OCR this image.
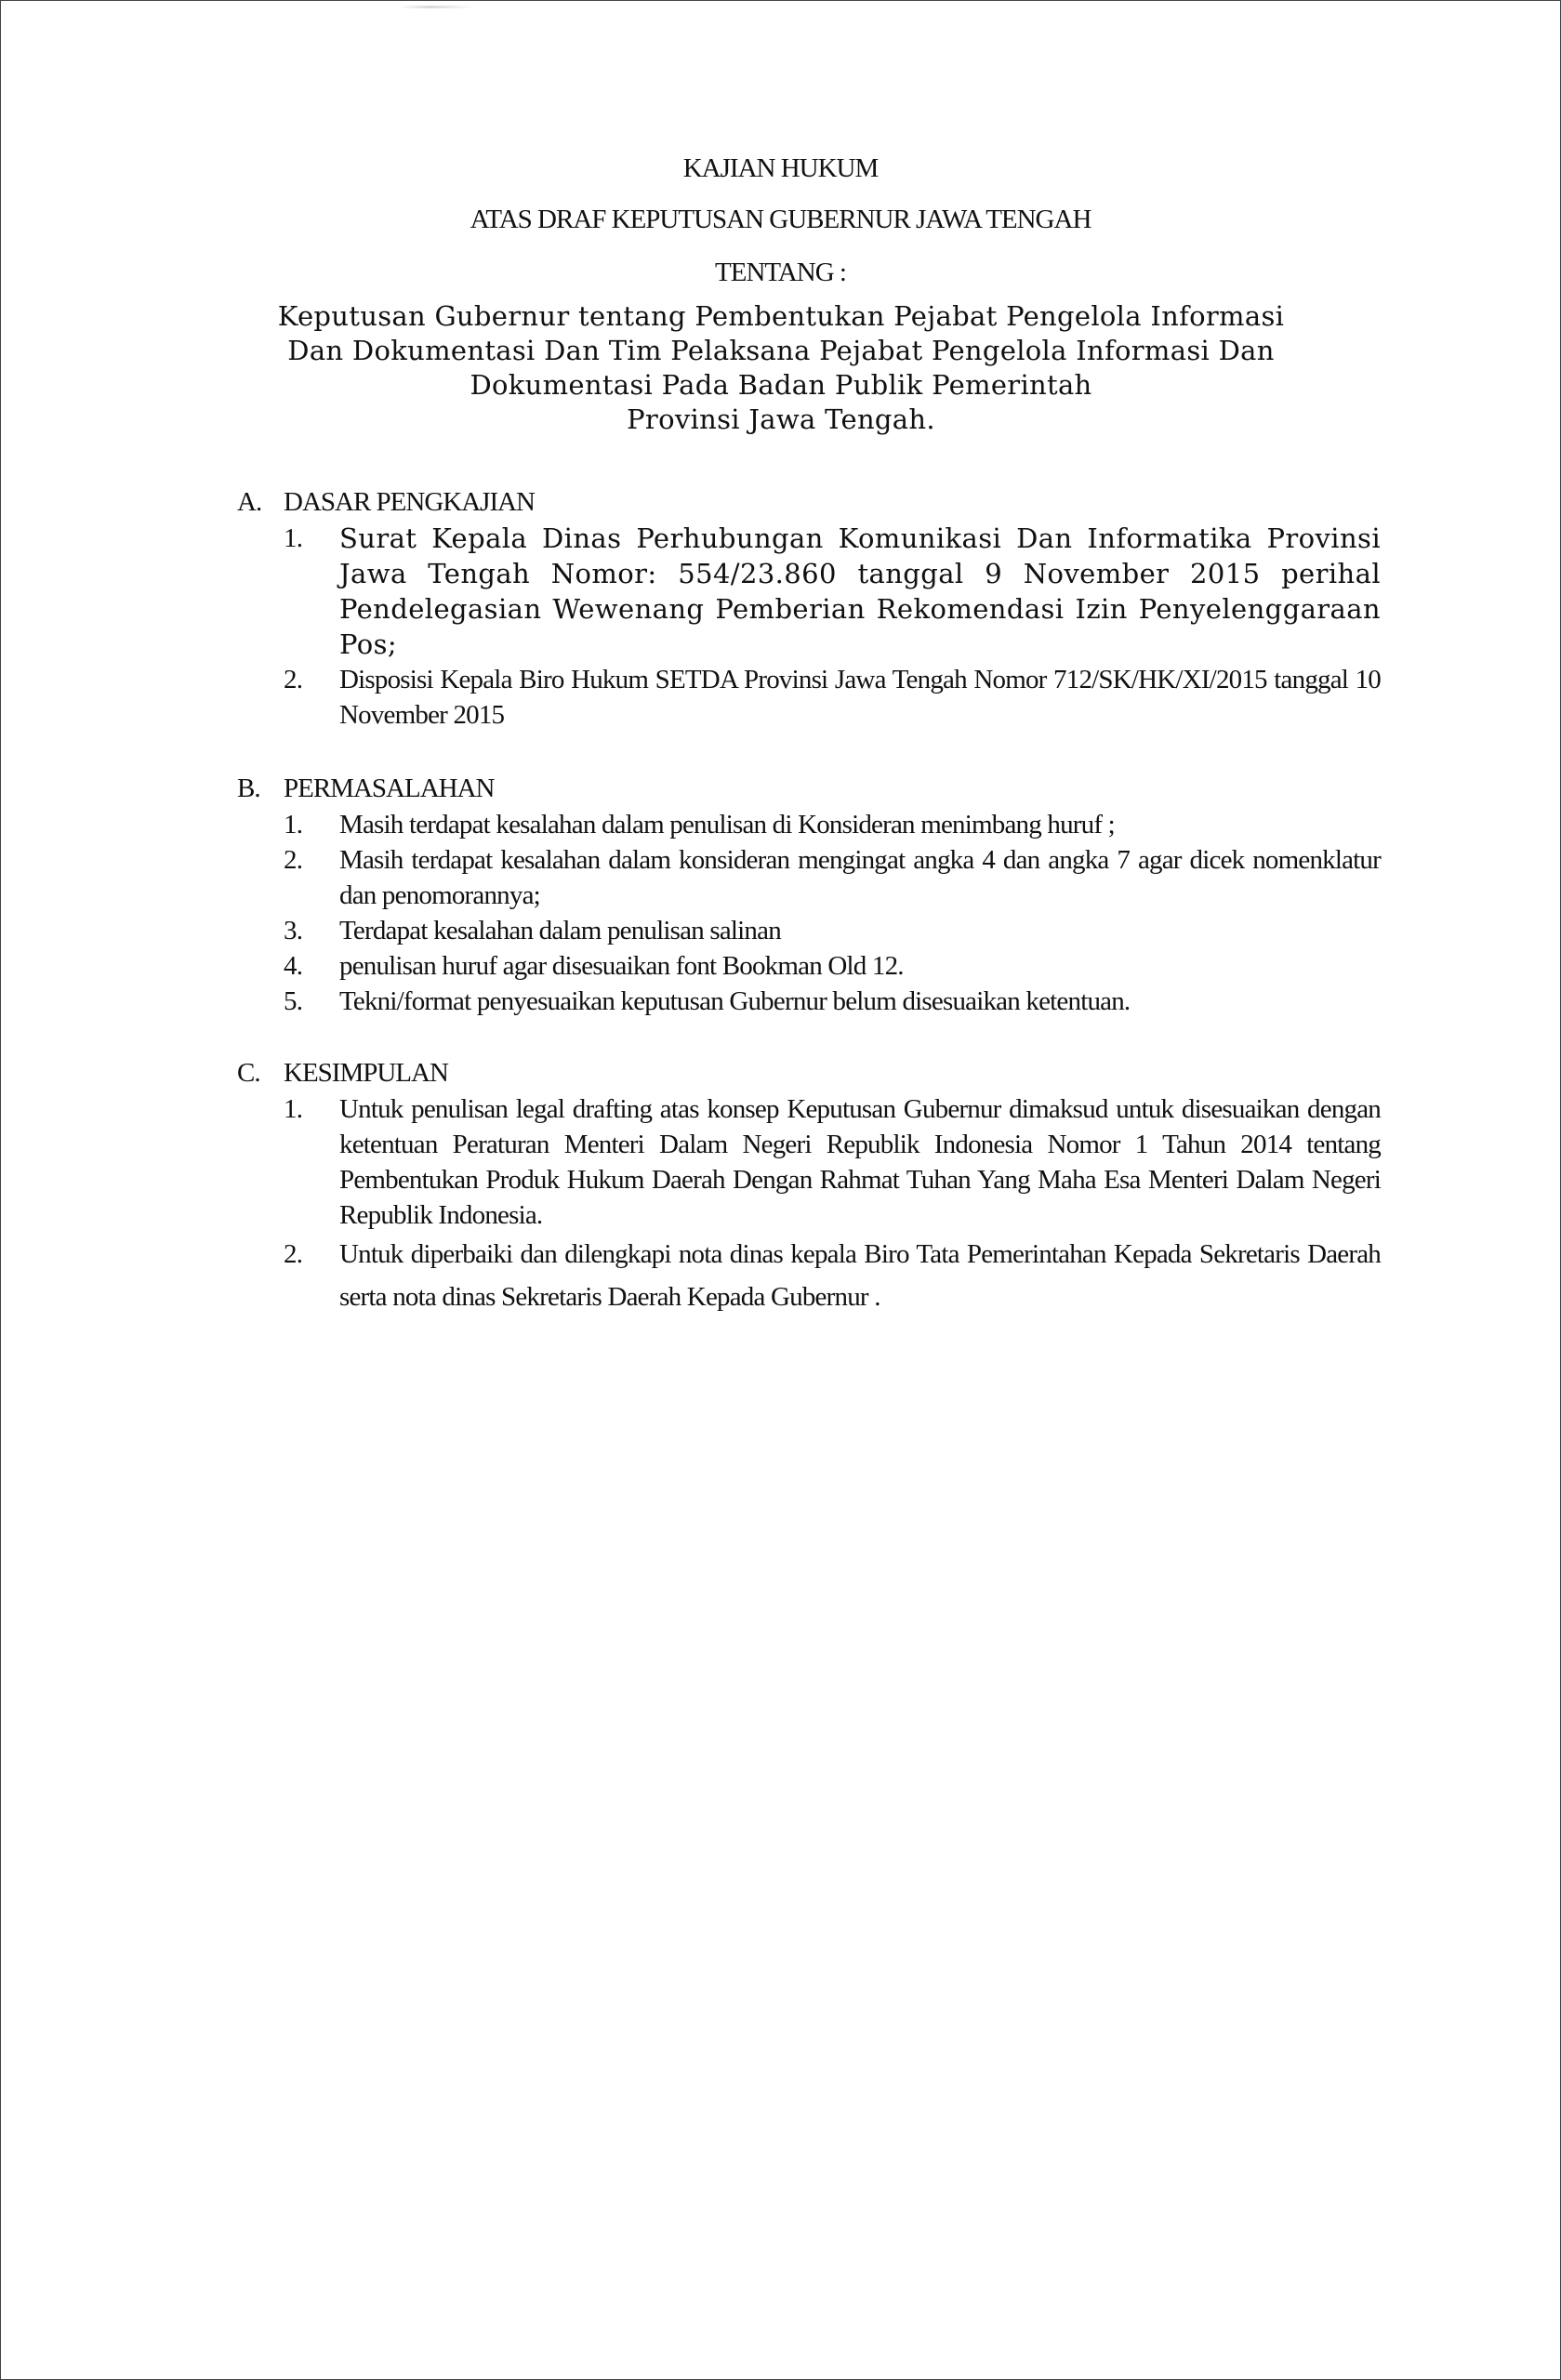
KAJIAN HUKUM
ATAS DRAF KEPUTUSAN GUBERNUR JAWA TENGAH
TENTANG :
Keputusan Gubernur tentang Pembentukan Pejabat Pengelola Informasi
Dan Dokumentasi Dan Tim Pelaksana Pejabat Pengelola Informasi Dan
Dokumentasi Pada Badan Publik Pemerintah
Provinsi Jawa Tengah.
A. DASAR PENGKAJIAN
1.	Surat Kepala Dinas Perhubungan Komunikasi Dan Informatika Provinsi Jawa Tengah Nomor: 554/23.860 tanggal 9 November 2015 perihal Pendelegasian Wewenang Pemberian Rekomendasi Izin Penyelenggaraan Pos;
2.	Disposisi Kepala Biro Hukum SETDA Provinsi Jawa Tengah Nomor 712/SK/HK/XI/2015 tanggal 10 November 2015
B. PERMASALAHAN
1.	Masih terdapat kesalahan dalam penulisan di Konsideran menimbang huruf ;
2.	Masih terdapat kesalahan dalam konsideran mengingat angka 4 dan angka 7 agar dicek nomenklatur dan penomorannya;
3.	Terdapat kesalahan dalam penulisan salinan
4.	penulisan huruf agar disesuaikan font Bookman Old 12.
5.	Tekni/format penyesuaikan keputusan Gubernur belum disesuaikan ketentuan.
C. KESIMPULAN
1.	Untuk penulisan legal drafting atas konsep Keputusan Gubernur dimaksud untuk disesuaikan dengan ketentuan Peraturan Menteri Dalam Negeri Republik Indonesia Nomor 1 Tahun 2014 tentang Pembentukan Produk Hukum Daerah Dengan Rahmat Tuhan Yang Maha Esa Menteri Dalam Negeri Republik Indonesia.
2.	Untuk diperbaiki dan dilengkapi nota dinas kepala Biro Tata Pemerintahan Kepada Sekretaris Daerah serta nota dinas Sekretaris Daerah Kepada Gubernur .
